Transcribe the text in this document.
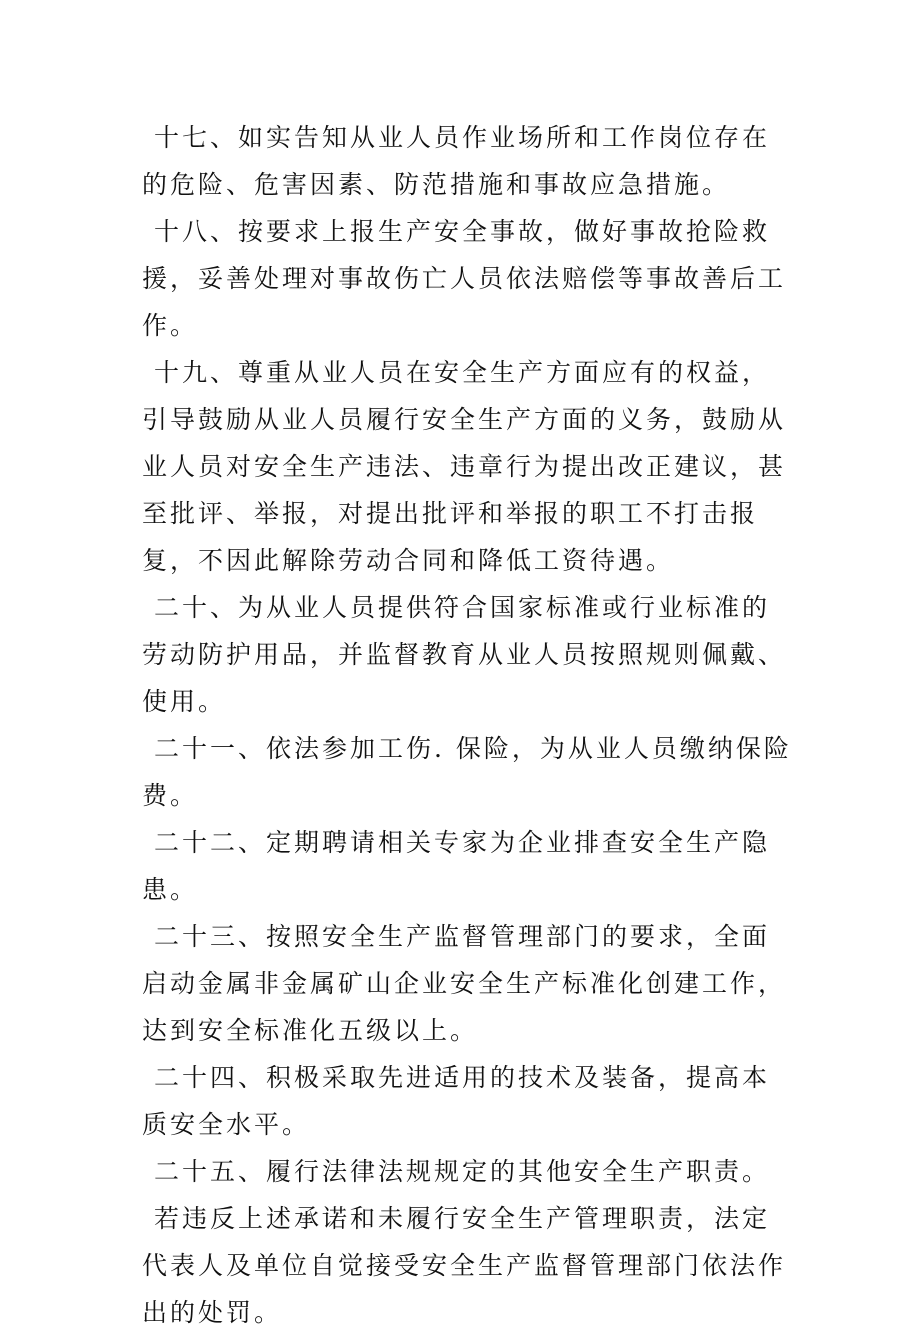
十七、如实告知从业人员作业场所和工作岗位存在的危险、危害因素、防范措施和事故应急措施。

十八、按要求上报生产安全事故，做好事故抢险救援，妥善处理对事故伤亡人员依法赔偿等事故善后工作。

十九、尊重从业人员在安全生产方面应有的权益，引导鼓励从业人员履行安全生产方面的义务，鼓励从业人员对安全生产违法、违章行为提出改正建议，甚至批评、举报，对提出批评和举报的职工不打击报复，不因此解除劳动合同和降低工资待遇。

二十、为从业人员提供符合国家标准或行业标准的劳动防护用品，并监督教育从业人员按照规则佩戴、使用。

二十一、依法参加工伤. 保险，为从业人员缴纳保险费。

二十二、定期聘请相关专家为企业排查安全生产隐患。

二十三、按照安全生产监督管理部门的要求，全面启动金属非金属矿山企业安全生产标准化创建工作，达到安全标准化五级以上。

二十四、积极采取先进适用的技术及装备，提高本质安全水平。

二十五、履行法律法规规定的其他安全生产职责。

若违反上述承诺和未履行安全生产管理职责，法定代表人及单位自觉接受安全生产监督管理部门依法作出的处罚。
